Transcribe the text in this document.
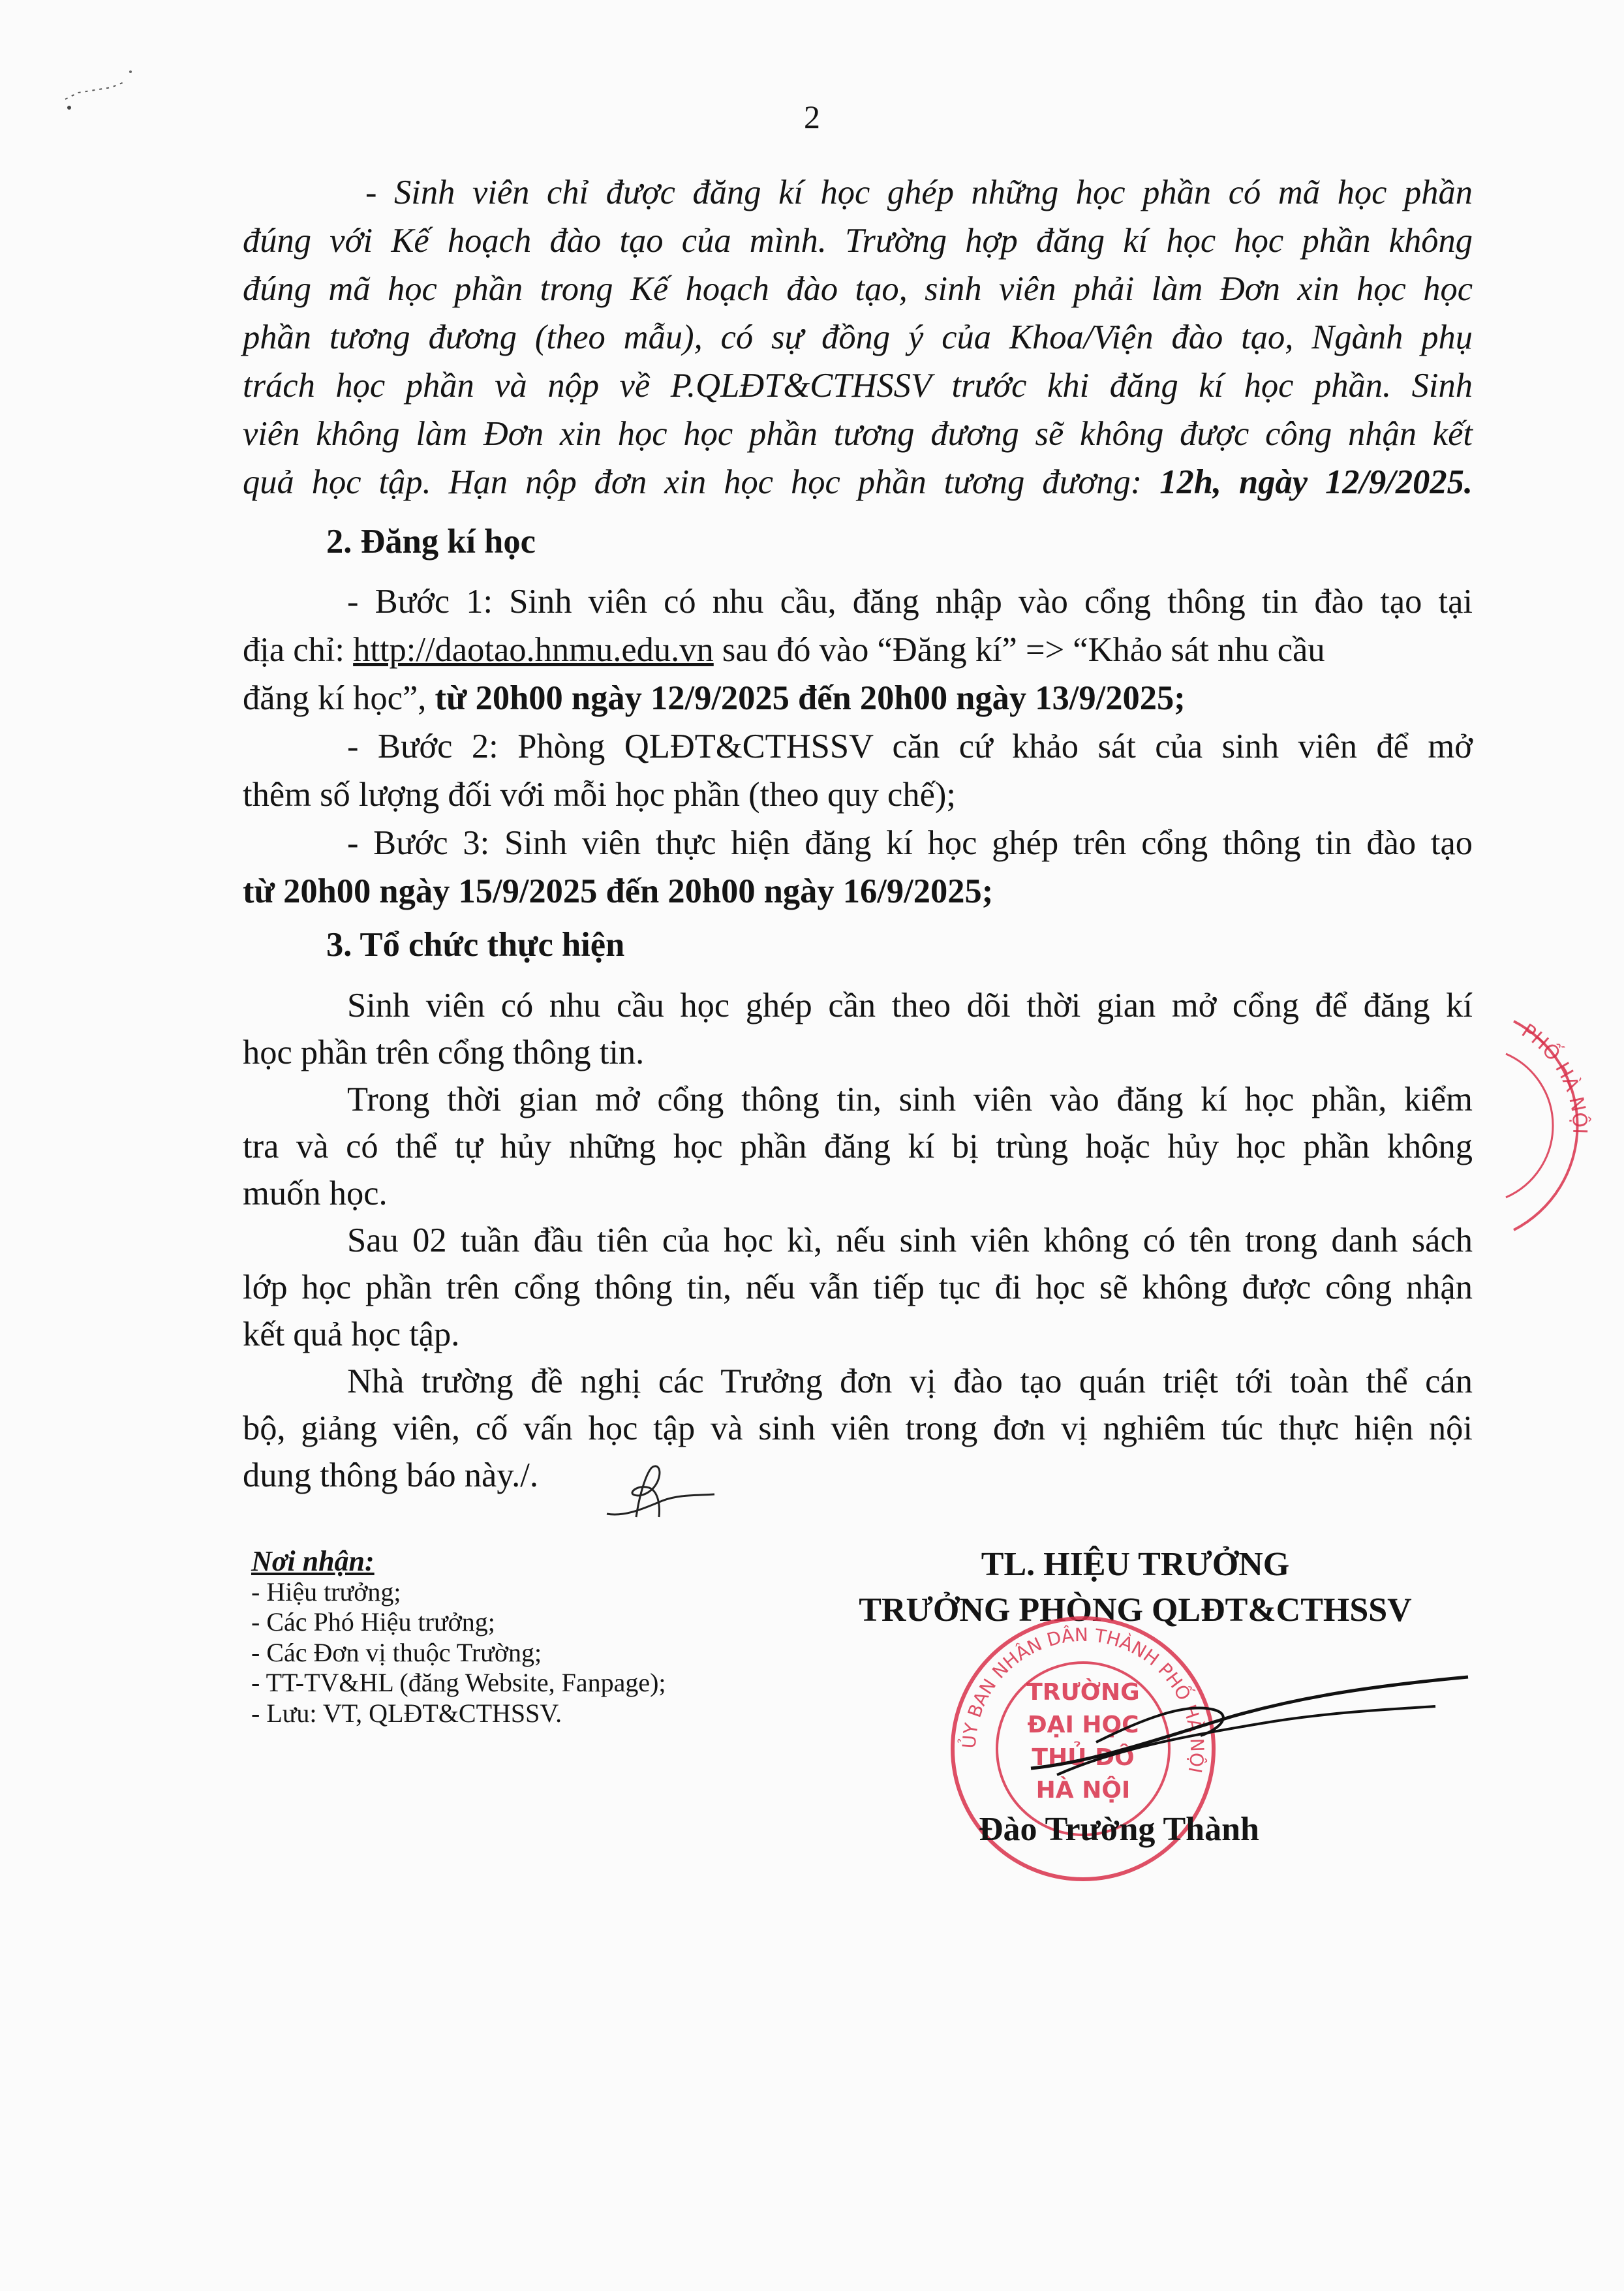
2
- Sinh viên chỉ được đăng kí học ghép những học phần có mã học phần
đúng với Kế hoạch đào tạo của mình. Trường hợp đăng kí học học phần không
đúng mã học phần trong Kế hoạch đào tạo, sinh viên phải làm Đơn xin học học
phần tương đương (theo mẫu), có sự đồng ý của Khoa/Viện đào tạo, Ngành phụ
trách học phần và nộp về P.QLĐT&CTHSSV trước khi đăng kí học phần. Sinh
viên không làm Đơn xin học học phần tương đương sẽ không được công nhận kết
quả học tập. Hạn nộp đơn xin học học phần tương đương: 12h, ngày 12/9/2025.
2. Đăng kí học
- Bước 1: Sinh viên có nhu cầu, đăng nhập vào cổng thông tin đào tạo tại
địa chỉ: http://daotao.hnmu.edu.vn sau đó vào “Đăng kí” => “Khảo sát nhu cầu
đăng kí học”, từ 20h00 ngày 12/9/2025 đến 20h00 ngày 13/9/2025;
- Bước 2: Phòng QLĐT&CTHSSV căn cứ khảo sát của sinh viên để mở
thêm số lượng đối với mỗi học phần (theo quy chế);
- Bước 3: Sinh viên thực hiện đăng kí học ghép trên cổng thông tin đào tạo
từ 20h00 ngày 15/9/2025 đến 20h00 ngày 16/9/2025;
3. Tổ chức thực hiện
Sinh viên có nhu cầu học ghép cần theo dõi thời gian mở cổng để đăng kí
học phần trên cổng thông tin.
Trong thời gian mở cổng thông tin, sinh viên vào đăng kí học phần, kiểm
tra và có thể tự hủy những học phần đăng kí bị trùng hoặc hủy học phần không
muốn học.
Sau 02 tuần đầu tiên của học kì, nếu sinh viên không có tên trong danh sách
lớp học phần trên cổng thông tin, nếu vẫn tiếp tục đi học sẽ không được công nhận
kết quả học tập.
Nhà trường đề nghị các Trưởng đơn vị đào tạo quán triệt tới toàn thể cán
bộ, giảng viên, cố vấn học tập và sinh viên trong đơn vị nghiêm túc thực hiện nội
dung thông báo này./.
Nơi nhận:
- Hiệu trưởng;
- Các Phó Hiệu trưởng;
- Các Đơn vị thuộc Trường;
- TT-TV&HL (đăng Website, Fanpage);
- Lưu: VT, QLĐT&CTHSSV.
TL. HIỆU TRƯỞNG
TRƯỞNG PHÒNG QLĐT&CTHSSV
ỦY BAN NHÂN DÂN THÀNH PHỐ HÀ NỘI
TRƯỜNG
ĐẠI HỌC
THỦ ĐÔ
HÀ NỘI
Đào Trường Thành
PHỐ HÀ NỘI
